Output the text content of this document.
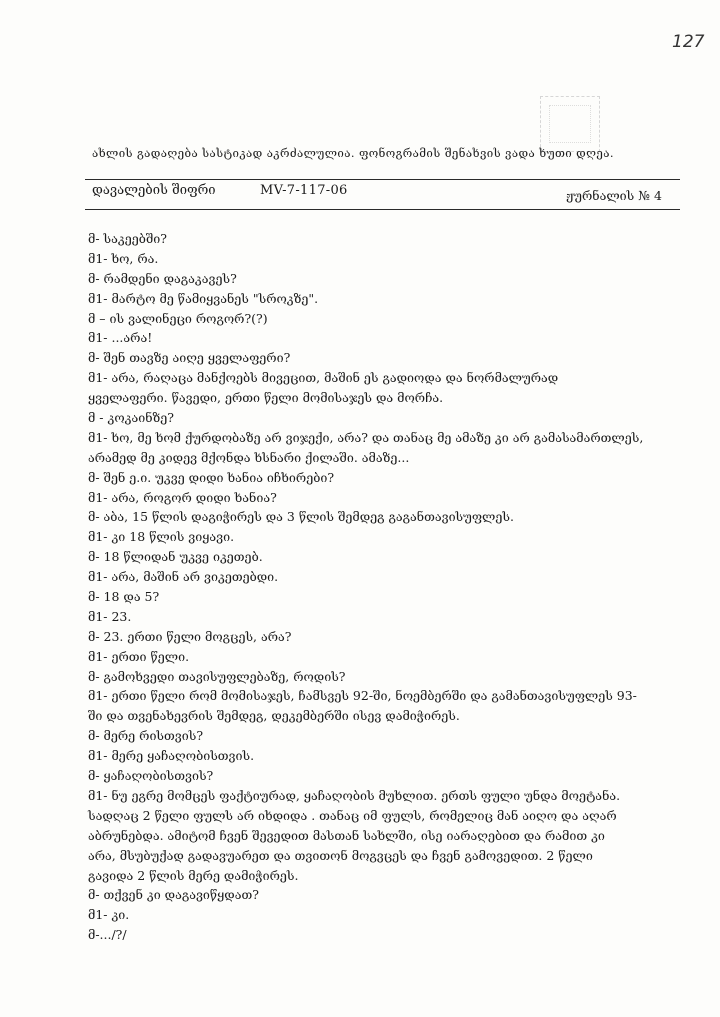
127
ახლის გადაღება სასტიკად აკრძალულია. ფონოგრამის შენახვის ვადა ხუთი დღეა.
დავალების შიფრი	MV-7-117-06	ჟურნალის № 4
მ- საკეებში?
მ1- ხო, რა.
მ- რამდენი დაგაკავეს?
მ1- მარტო მე წამიყვანეს "სროკზე".
მ – ის ვალინეცი როგორ?(?)
მ1- ...არა!
მ- შენ თავზე აიღე ყველაფერი?
მ1- არა, რაღაცა მანქოებს მივეცით, მაშინ ეს გადიოდა და ნორმალურად
ყველაფერი. წავედი, ერთი წელი მომისაჯეს და მორჩა.
მ - კოკაინზე?
მ1- ხო, მე ხომ ქურდობაზე არ ვიჯექი, არა? და თანაც მე ამაზე კი არ გამასამართლეს,
არამედ მე კიდევ მქონდა ხსნარი ქილაში. ამაზე...
მ- შენ ე.ი. უკვე დიდი ხანია იჩხირები?
მ1- არა, როგორ დიდი ხანია?
მ- აბა, 15 წლის დაგიჭირეს და 3 წლის შემდეგ გაგანთავისუფლეს.
მ1- კი 18 წლის ვიყავი.
მ- 18 წლიდან უკვე იკეთებ.
მ1- არა, მაშინ არ ვიკეთებდი.
მ- 18 და 5?
მ1- 23.
მ- 23. ერთი წელი მოგცეს, არა?
მ1- ერთი წელი.
მ- გამოხვედი თავისუფლებაზე, როდის?
მ1- ერთი წელი რომ მომისაჯეს, ჩამსვეს 92-ში, ნოემბერში და გამანთავისუფლეს 93-
ში და თვენახევრის შემდეგ, დეკემბერში ისევ დამიჭირეს.
მ- მერე რისთვის?
მ1- მერე ყაჩაღობისთვის.
მ- ყაჩაღობისთვის?
მ1- ნუ ეგრე მომცეს ფაქტიურად, ყაჩაღობის მუხლით. ერთს ფული უნდა მოეტანა.
სადღაც 2 წელი ფულს არ იხდიდა . თანაც იმ ფულს, რომელიც მან აიღო და აღარ
აბრუნებდა. ამიტომ ჩვენ შევედით მასთან სახლში, ისე იარაღებით და რამით კი
არა, მსუბუქად გადავუარეთ და თვითონ მოგვცეს და ჩვენ გამოვედით. 2 წელი
გავიდა 2 წლის მერე დამიჭირეს.
მ- თქვენ კი დაგავიწყდათ?
მ1- კი.
მ-.../?/
